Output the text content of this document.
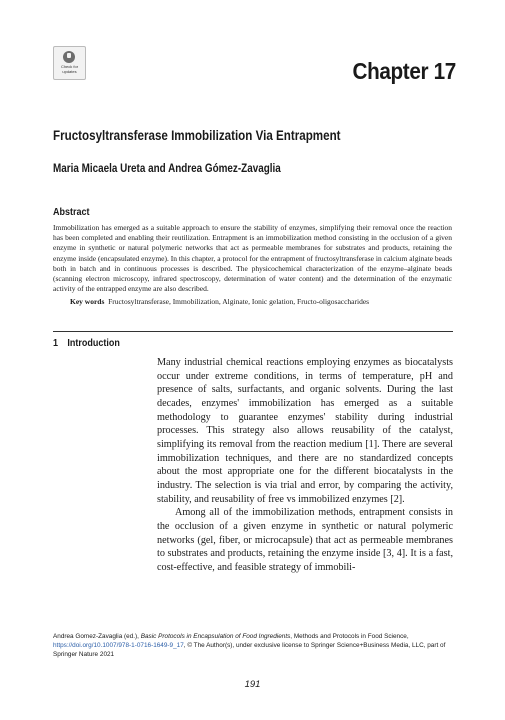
Check for
updates	Chapter 17
Fructosyltransferase Immobilization Via Entrapment
Maria Micaela Ureta and Andrea Gómez-Zavaglia
Abstract

Immobilization has emerged as a suitable approach to ensure the stability of enzymes, simplifying their removal once the reaction has been completed and enabling their reutilization. Entrapment is an immobilization method consisting in the occlusion of a given enzyme in synthetic or natural polymeric networks that act as permeable membranes for substrates and products, retaining the enzyme inside (encapsulated enzyme). In this chapter, a protocol for the entrapment of fructosyltransferase in calcium alginate beads both in batch and in continuous processes is described. The physicochemical characterization of the enzyme–alginate beads (scanning electron microscopy, infrared spectroscopy, determination of water content) and the determination of the enzymatic activity of the entrapped enzyme are also described.

Key words Fructosyltransferase, Immobilization, Alginate, Ionic gelation, Fructo-oligosaccharides
1 Introduction

Many industrial chemical reactions employing enzymes as biocatalysts occur under extreme conditions, in terms of temperature, pH and presence of salts, surfactants, and organic solvents. During the last decades, enzymes' immobilization has emerged as a suitable methodology to guarantee enzymes' stability during industrial processes. This strategy also allows reusability of the catalyst, simplifying its removal from the reaction medium [1]. There are several immobilization techniques, and there are no standardized concepts about the most appropriate one for the different biocatalysts in the industry. The selection is via trial and error, by comparing the activity, stability, and reusability of free vs immobilized enzymes [2].

Among all of the immobilization methods, entrapment consists in the occlusion of a given enzyme in synthetic or natural polymeric networks (gel, fiber, or microcapsule) that act as permeable membranes to substrates and products, retaining the enzyme inside [3, 4]. It is a fast, cost-effective, and feasible strategy of immobili-

Andrea Gomez-Zavaglia (ed.), Basic Protocols in Encapsulation of Food Ingredients, Methods and Protocols in Food Science, https://doi.org/10.1007/978-1-0716-1649-9_17, © The Author(s), under exclusive license to Springer Science+Business Media, LLC, part of Springer Nature 2021
191
